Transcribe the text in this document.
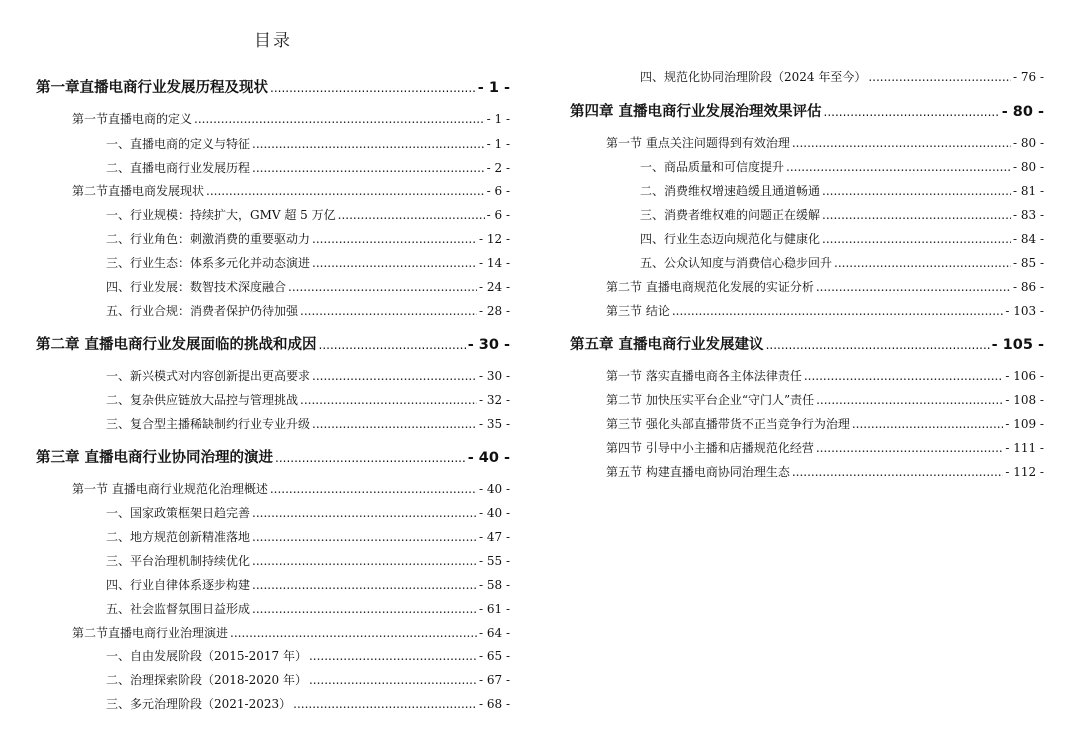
目录
第一章直播电商行业发展历程及现状 .....	- 1 -
第一节直播电商的定义 .....	- 1 -
一、直播电商的定义与特征 .....	- 1 -
二、直播电商行业发展历程 .....	- 2 -
第二节直播电商发展现状 .....	- 6 -
一、行业规模：持续扩大，GMV 超 5 万亿 .....	- 6 -
二、行业角色：刺激消费的重要驱动力 .....	- 12 -
三、行业生态：体系多元化并动态演进 .....	- 14 -
四、行业发展：数智技术深度融合 .....	- 24 -
五、行业合规：消费者保护仍待加强 .....	- 28 -
第二章 直播电商行业发展面临的挑战和成因 .....	- 30 -
一、新兴模式对内容创新提出更高要求 .....	- 30 -
二、复杂供应链放大品控与管理挑战 .....	- 32 -
三、复合型主播稀缺制约行业专业升级 .....	- 35 -
第三章 直播电商行业协同治理的演进 .....	- 40 -
第一节 直播电商行业规范化治理概述 .....	- 40 -
一、国家政策框架日趋完善 .....	- 40 -
二、地方规范创新精准落地 .....	- 47 -
三、平台治理机制持续优化 .....	- 55 -
四、行业自律体系逐步构建 .....	- 58 -
五、社会监督氛围日益形成 .....	- 61 -
第二节直播电商行业治理演进 .....	- 64 -
一、自由发展阶段（2015-2017 年） .....	- 65 -
二、治理探索阶段（2018-2020 年） .....	- 67 -
三、多元治理阶段（2021-2023） .....	- 68 -
四、规范化协同治理阶段（2024 年至今） .....	- 76 -
第四章 直播电商行业发展治理效果评估 .....	- 80 -
第一节 重点关注问题得到有效治理 .....	- 80 -
一、商品质量和可信度提升 .....	- 80 -
二、消费维权增速趋缓且通道畅通 .....	- 81 -
三、消费者维权难的问题正在缓解 .....	- 83 -
四、行业生态迈向规范化与健康化 .....	- 84 -
五、公众认知度与消费信心稳步回升 .....	- 85 -
第二节 直播电商规范化发展的实证分析 .....	- 86 -
第三节 结论 .....	- 103 -
第五章 直播电商行业发展建议 .....	- 105 -
第一节 落实直播电商各主体法律责任 .....	- 106 -
第二节 加快压实平台企业“守门人”责任 .....	- 108 -
第三节 强化头部直播带货不正当竞争行为治理 .....	- 109 -
第四节 引导中小主播和店播规范化经营 .....	- 111 -
第五节 构建直播电商协同治理生态 .....	- 112 -
